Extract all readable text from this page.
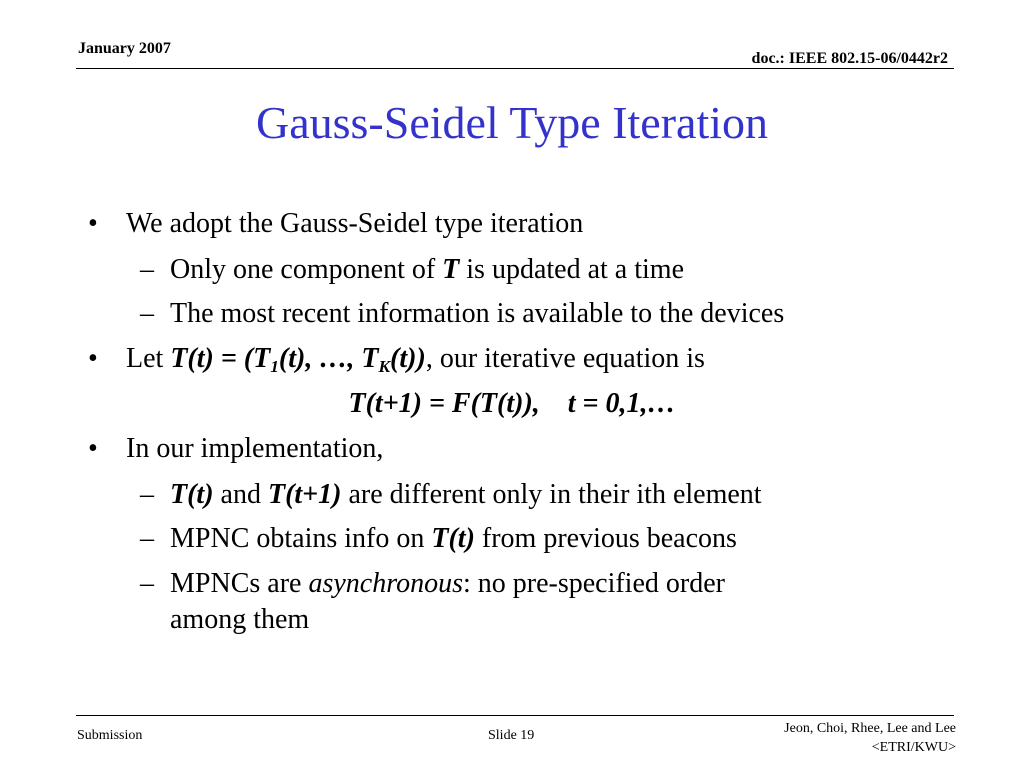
January 2007
doc.: IEEE 802.15-06/0442r2
Gauss-Seidel Type Iteration
• We adopt the Gauss-Seidel type iteration
– Only one component of T is updated at a time
– The most recent information is available to the devices
• Let $T(t) = (T_1(t)$, …, $T_K(t)$), our iterative equation is
T(t+1) = F(T(t)),    t = 0,1,…
• In our implementation,
– T(t) and T(t+1) are different only in their ith element
– MPNC obtains info on T(t) from previous beacons
– MPNCs are asynchronous: no pre-specified order
among them
Submission	Slide 19	Jeon, Choi, Rhee, Lee and Lee
<ETRI/KWU>
